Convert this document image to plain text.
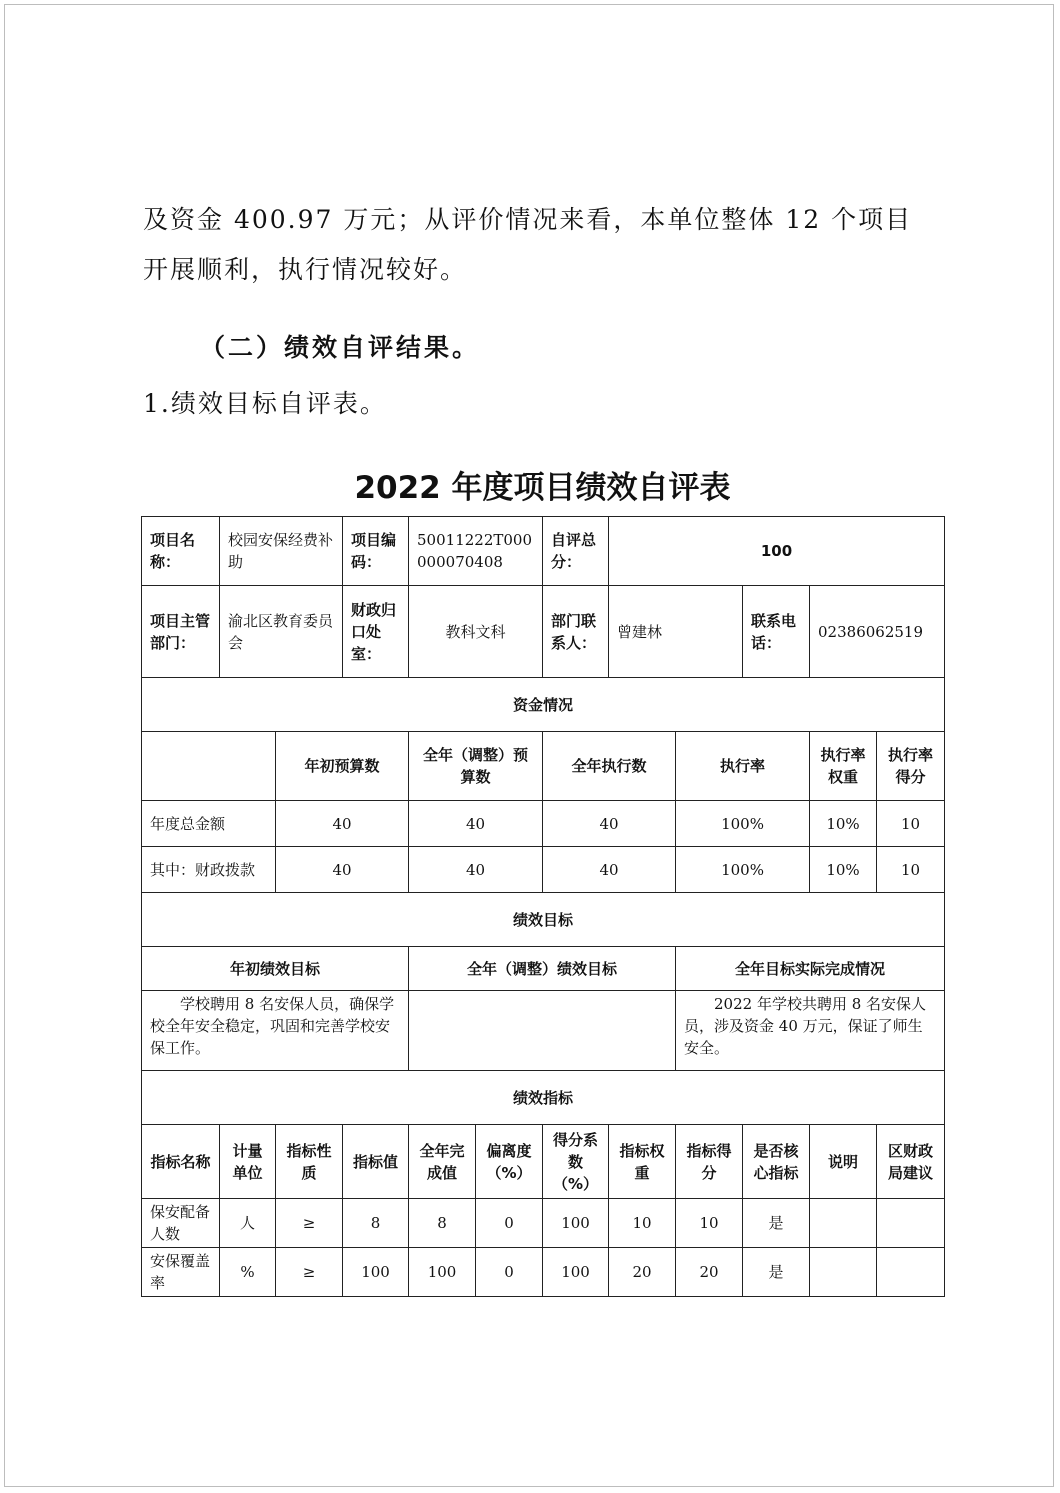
及资金 400.97 万元；从评价情况来看，本单位整体 12 个项目
开展顺利，执行情况较好。
（二）绩效自评结果。
1.绩效目标自评表。
2022 年度项目绩效自评表
项目名称：	校园安保经费补助		项目编码：	50011222T000000070408		自评总分：	100				
项目主管部门：	渝北区教育委员会		财政归口处室：	教科文科		部门联系人：	曾建林		联系电话：	02386062519	
资金情况											
		年初预算数		全年（调整）预算数		全年执行数		执行率		执行率权重	执行率得分
年度总金额		40		40		40		100%		10%	10
其中：财政拨款		40		40		40		100%		10%	10
绩效目标											
年初绩效目标				全年（调整）绩效目标				全年目标实际完成情况			
学校聘用 8 名安保人员，确保学校全年安全稳定，巩固和完善学校安保工作。								2022 年学校共聘用 8 名安保人员，涉及资金 40 万元，保证了师生安全。			
绩效指标											
指标名称	计量单位	指标性质	指标值	全年完成值	偏离度（%）	得分系数（%）	指标权重	指标得分	是否核心指标	说明	区财政局建议
保安配备人数	人	≥	8	8	0	100	10	10	是		
安保覆盖率	%	≥	100	100	0	100	20	20	是		
